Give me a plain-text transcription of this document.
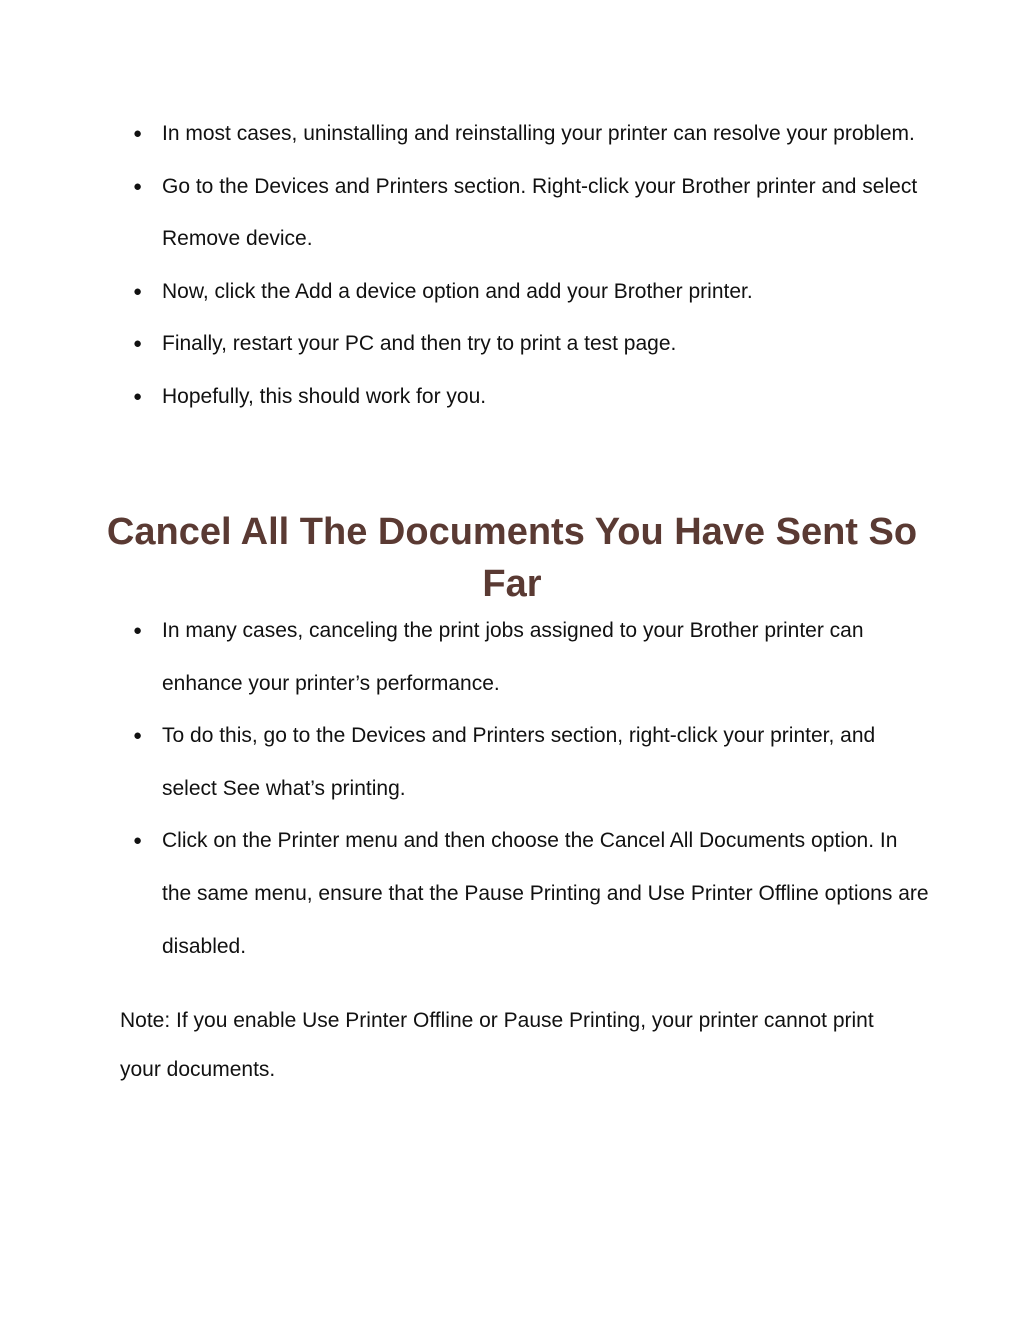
● In most cases, uninstalling and reinstalling your printer can resolve your problem.
● Go to the Devices and Printers section. Right-click your Brother printer and select Remove device.
● Now, click the Add a device option and add your Brother printer.
● Finally, restart your PC and then try to print a test page.
● Hopefully, this should work for you.
Cancel All The Documents You Have Sent So Far
● In many cases, canceling the print jobs assigned to your Brother printer can enhance your printer’s performance.
● To do this, go to the Devices and Printers section, right-click your printer, and select See what’s printing.
● Click on the Printer menu and then choose the Cancel All Documents option. In the same menu, ensure that the Pause Printing and Use Printer Offline options are disabled.

Note: If you enable Use Printer Offline or Pause Printing, your printer cannot print your documents.
